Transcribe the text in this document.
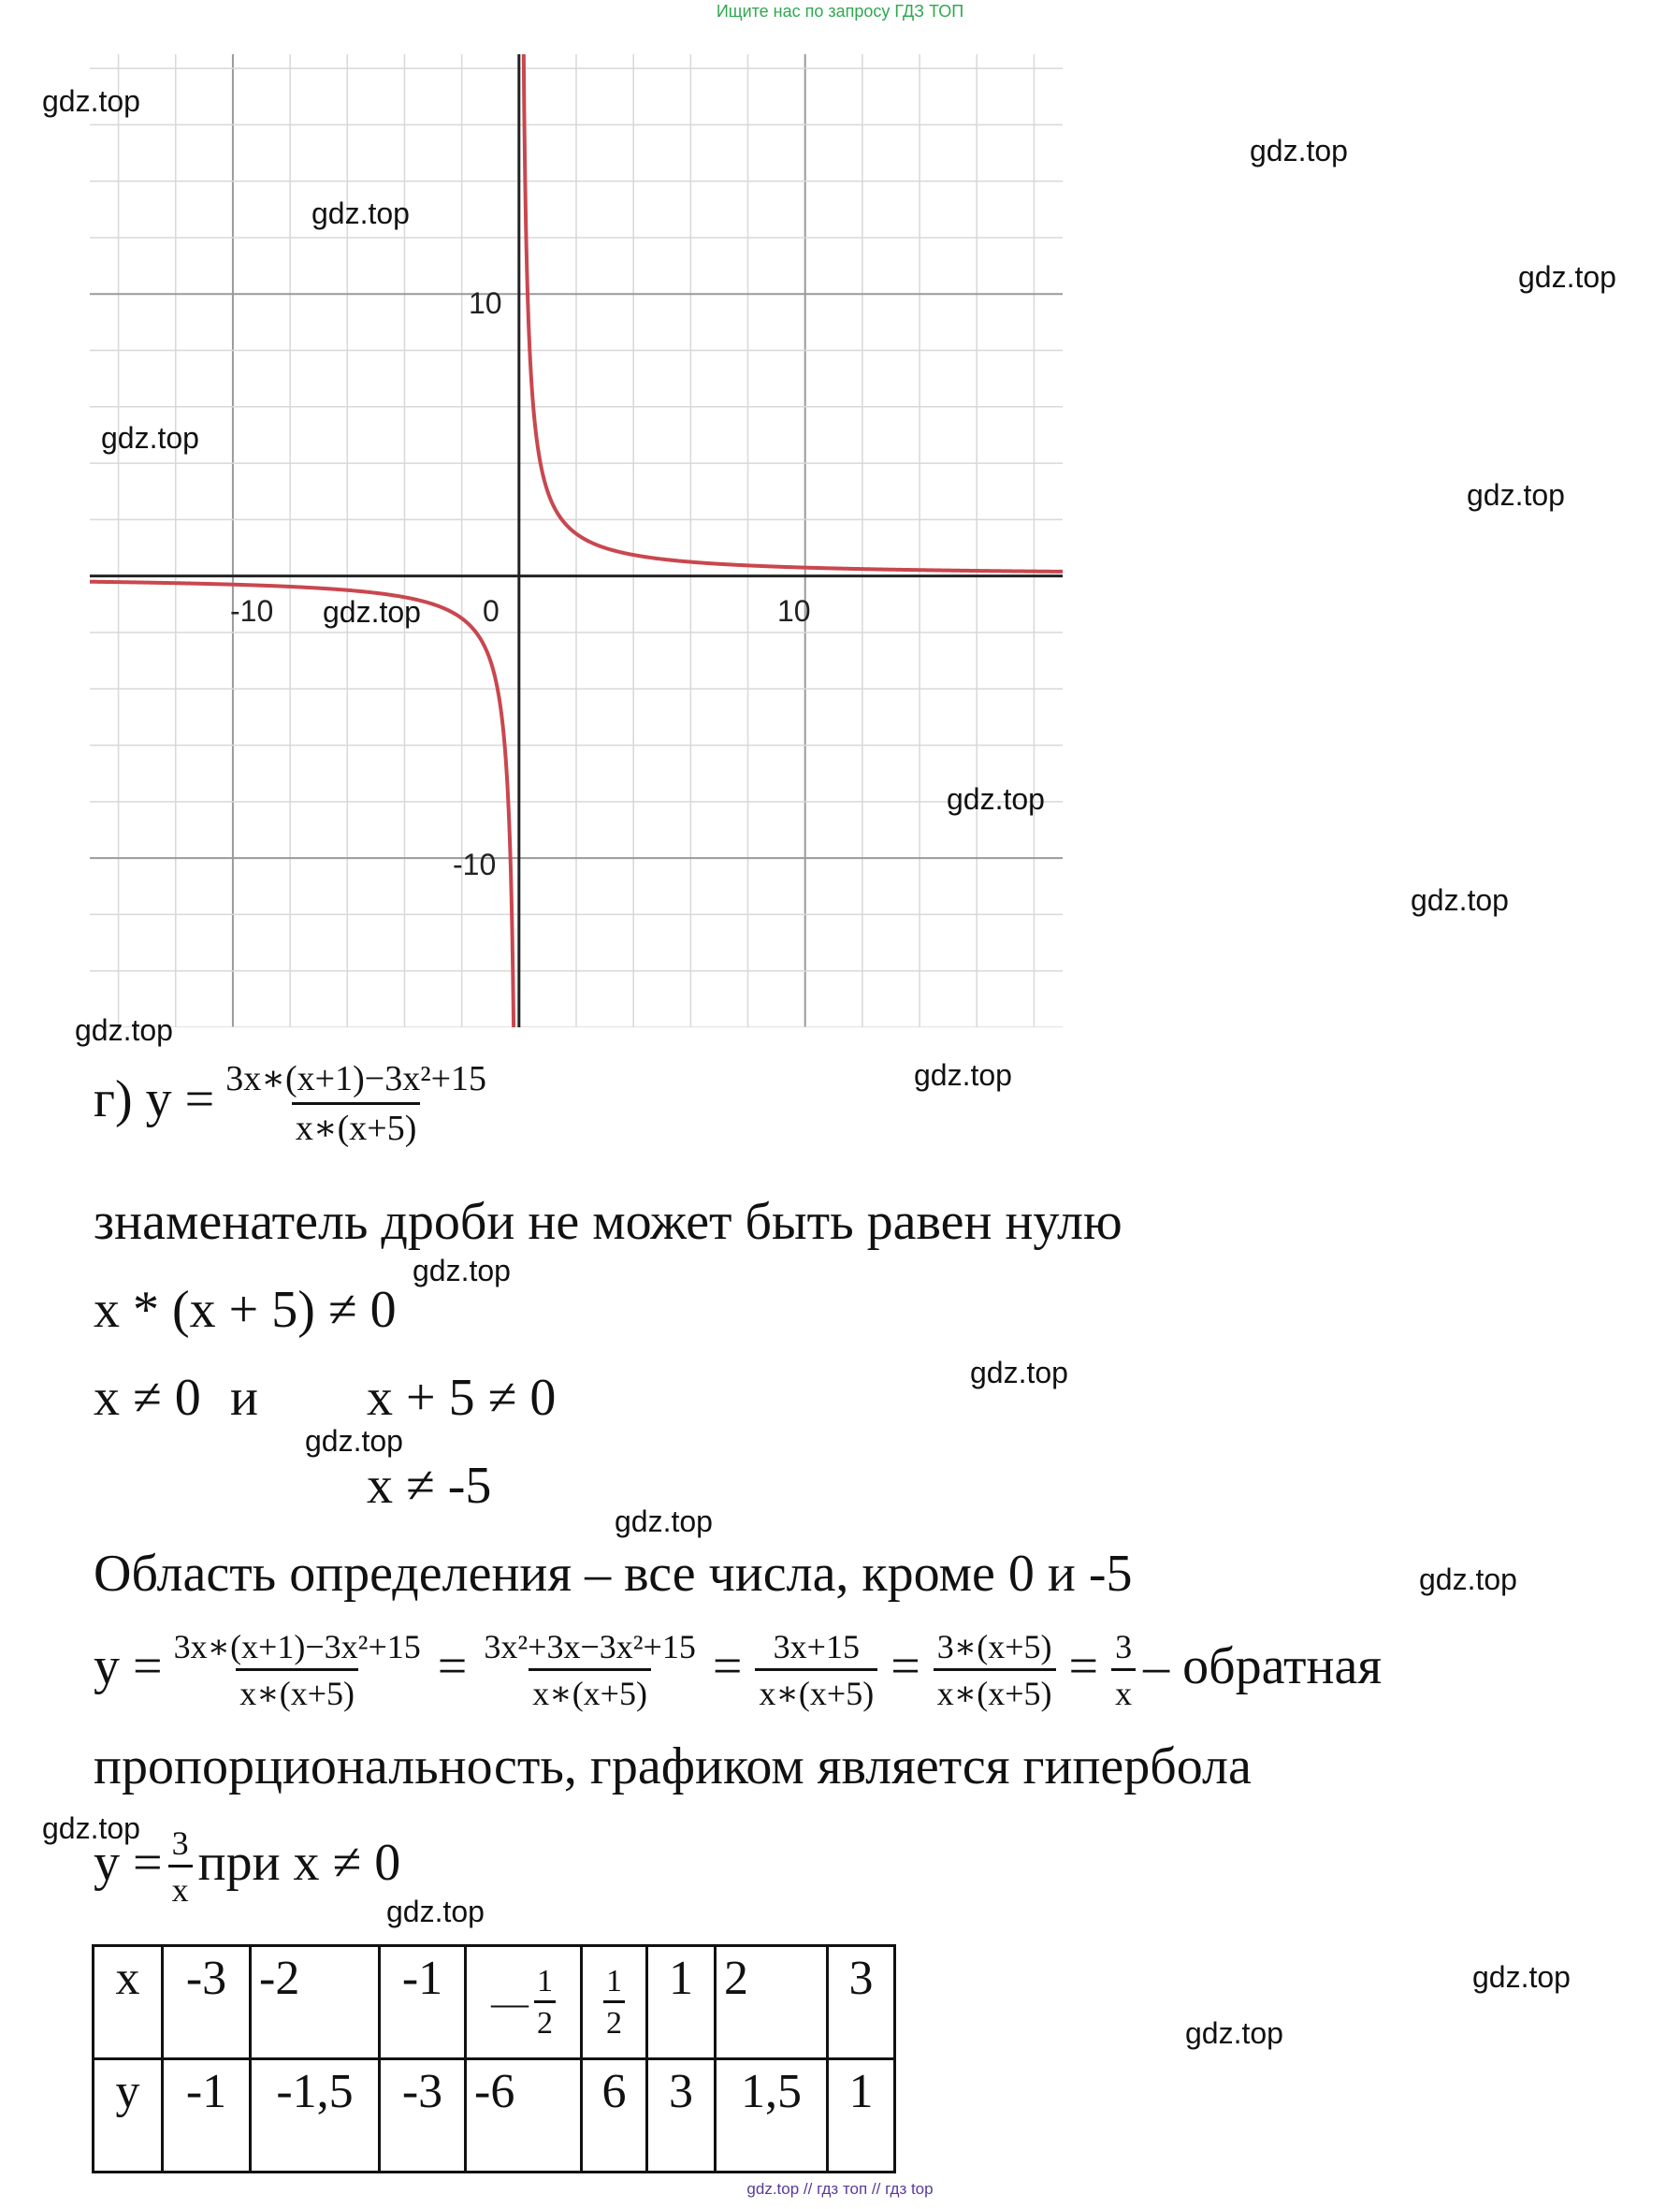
Ищите нас по запросу ГДЗ ТОП
-10	0	10
10
-10
gdz.top
gdz.top
gdz.top
gdz.top
gdz.top
gdz.top
gdz.top
gdz.top
gdz.top
gdz.top
gdz.top
gdz.top
gdz.top
gdz.top
gdz.top
gdz.top
gdz.top
gdz.top
gdz.top
gdz.top
г) $y = \frac{\text{3x∗(x+1)−3x²+15}}{x∗(x+5)}$
знаменатель дроби не может быть равен нулю
x * (x + 5) ≠ 0
x ≠ 0 и x + 5 ≠ 0
x ≠ -5
Область определения – все числа, кроме 0 и -5
$y = \frac{\text{3x∗(x+1)−3x²+15}}{x∗(x+5)} = \frac{\text{3x²+3x−3x²+15}}{x∗(x+5)} = \frac{3x+15}{x∗(x+5)} = \frac{3∗(x+5)}{x∗(x+5)} = \frac{3}{x}$ – обратная
пропорциональность, графиком является гипербола
$y = \frac{3}{x}$ при x ≠ 0
x	-3	-2	-1	— $\frac{1}{2}$	$\frac{1}{2}$	1	2	3
y	-1	-1,5	-3	-6	6	3	1,5	1
gdz.top // гдз топ // гдз top
